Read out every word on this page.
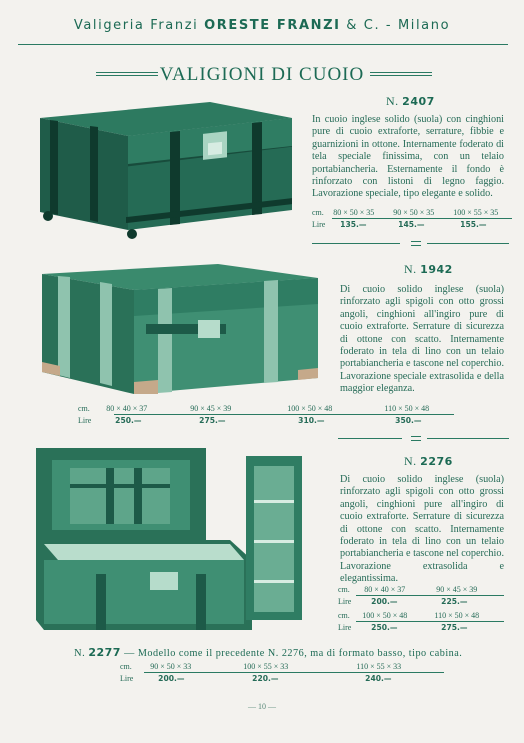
Valigeria Franzi ORESTE FRANZI & C. - Milano
VALIGIONI DI CUOIO
N. 2407

In cuoio inglese solido (suola) con cinghioni pure di cuoio extraforte, serrature, fibbie e guarnizioni in ottone. Internamente foderato di tela speciale finissima, con un telaio portabiancheria. Esternamente il fondo è rinforzato con listoni di legno faggio. Lavorazione speciale, tipo elegante e solido.

cm. 80 × 50 × 35 90 × 50 × 35 100 × 55 × 35
Lire 135.—	145.—	155.—
N. 1942

Di cuoio solido inglese (suola) rinforzato agli spigoli con otto grossi angoli, cinghioni all'ingiro pure di cuoio extraforte. Serrature di sicurezza di ottone con scatto. Internamente foderato in tela di lino con un telaio portabiancheria e tascone nel coperchio. Lavorazione speciale extrasolida e della maggior eleganza.

cm. 80 × 40 × 37	90 × 45 × 39	100 × 50 × 48	110 × 50 × 48
Lire	250.—	275.—	310.—	350.—
N. 2276

Di cuoio solido inglese (suola) rinforzato agli spigoli con otto grossi angoli, cinghioni pure all'ingiro di cuoio extraforte. Serrature di sicurezza di ottone con scatto. Internamente foderato in tela di lino con un telaio portabiancheria e tascone nel coperchio. Lavorazione extrasolida e elegantissima.

cm. 80 × 40 × 37	90 × 45 × 39
Lire	200.—	225.—
cm. 100 × 50 × 48	110 × 50 × 48
Lire	250.—	275.—
N. 2277 — Modello come il precedente N. 2276, ma di formato basso, tipo cabina.
cm. 90 × 50 × 33	100 × 55 × 33	110 × 55 × 33
Lire	200.—	220.—	240.—
— 10 —
